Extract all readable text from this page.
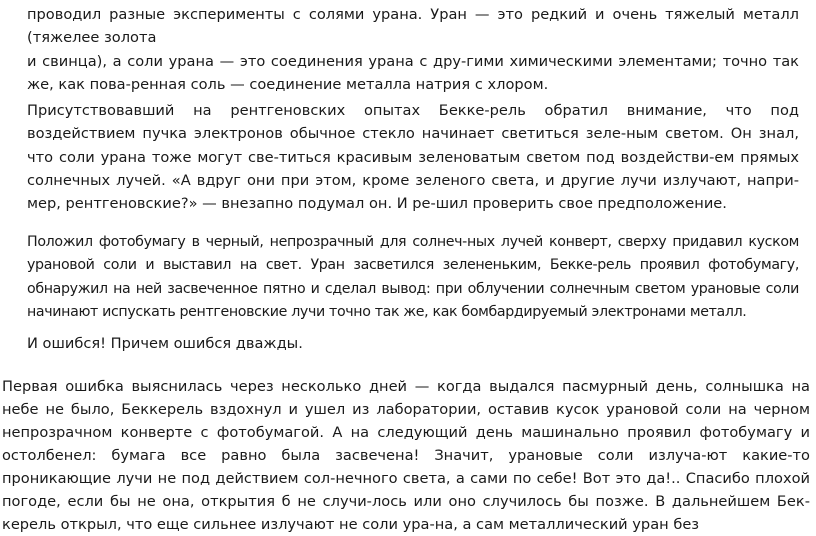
проводил разные эксперименты с солями урана. Уран — это редкий и очень тяжелый металл (тяжелее золота
и свинца), а соли урана — это соединения урана с дру-гими химическими элементами; точно так же, как пова-ренная соль — соединение металла натрия с хлором.

Присутствовавший на рентгеновских опытах Бекке-рель обратил внимание, что под воздействием пучка электронов обычное стекло начинает светиться зеле-ным светом. Он знал, что соли урана тоже могут све-титься красивым зеленоватым светом под воздействи-ем прямых солнечных лучей. «А вдруг они при этом, кроме зеленого света, и другие лучи излучают, напри-мер, рентгеновские?» — внезапно подумал он. И ре-шил проверить свое предположение.

Положил фотобумагу в черный, непрозрачный для солнеч-ных лучей конверт, сверху придавил куском урановой соли и выставил на свет. Уран засветился зелененьким, Бекке-рель проявил фотобумагу, обнаружил на ней засвеченное пятно и сделал вывод: при облучении солнечным светом урановые соли начинают испускать рентгеновские лучи точно так же, как бомбардируемый электронами металл.

И ошибся! Причем ошибся дважды.

Первая ошибка выяснилась через несколько дней — когда выдался пасмурный день, солнышка на небе не было, Беккерель вздохнул и ушел из лаборатории, оставив кусок урановой соли на черном непрозрачном конверте с фотобумагой. А на следующий день машинально проявил фотобумагу и остолбенел: бумага все равно была засвечена! Значит, урановые соли излуча-ют какие-то проникающие лучи не под действием сол-нечного света, а сами по себе! Вот это да!.. Спасибо плохой погоде, если бы не она, открытия б не случи-лось или оно случилось бы позже. В дальнейшем Бек-керель открыл, что еще сильнее излучают не соли ура-на, а сам металлический уран без
